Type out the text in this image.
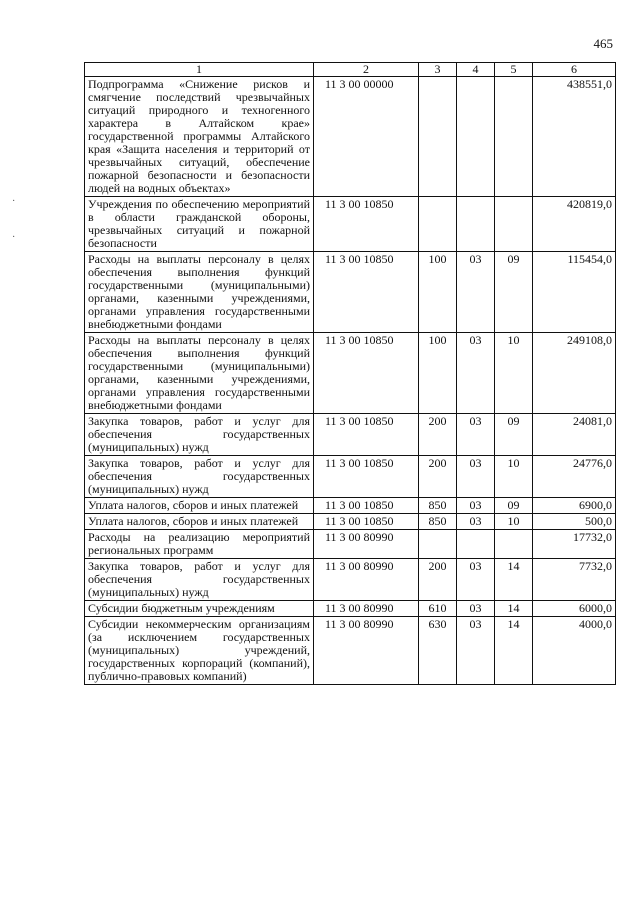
465
·
·
1	2	3	4	5	6
Подпрограмма «Снижение рисков и смягчение последствий чрезвычайных ситуаций природного и техногенного характера в Алтайском крае» государственной программы Алтайского края «Защита населения и территорий от чрезвычайных ситуаций, обеспечение пожарной безопасности и безопасности людей на водных объектах»	11 3 00 00000				438551,0
Учреждения по обеспечению мероприятий в области гражданской обороны, чрезвычайных ситуаций и пожарной безопасности	11 3 00 10850				420819,0
Расходы на выплаты персоналу в целях обеспечения выполнения функций государственными (муниципальными) органами, казенными учреждениями, органами управления государственными внебюджетными фондами	11 3 00 10850	100	03	09	115454,0
Расходы на выплаты персоналу в целях обеспечения выполнения функций государственными (муниципальными) органами, казенными учреждениями, органами управления государственными внебюджетными фондами	11 3 00 10850	100	03	10	249108,0
Закупка товаров, работ и услуг для обеспечения государственных (муниципальных) нужд	11 3 00 10850	200	03	09	24081,0
Закупка товаров, работ и услуг для обеспечения государственных (муниципальных) нужд	11 3 00 10850	200	03	10	24776,0
Уплата налогов, сборов и иных платежей	11 3 00 10850	850	03	09	6900,0
Уплата налогов, сборов и иных платежей	11 3 00 10850	850	03	10	500,0
Расходы на реализацию мероприятий региональных программ	11 3 00 80990				17732,0
Закупка товаров, работ и услуг для обеспечения государственных (муниципальных) нужд	11 3 00 80990	200	03	14	7732,0
Субсидии бюджетным учреждениям	11 3 00 80990	610	03	14	6000,0
Субсидии некоммерческим организациям (за исключением государственных (муниципальных) учреждений, государственных корпораций (компаний), публично-правовых компаний)	11 3 00 80990	630	03	14	4000,0
